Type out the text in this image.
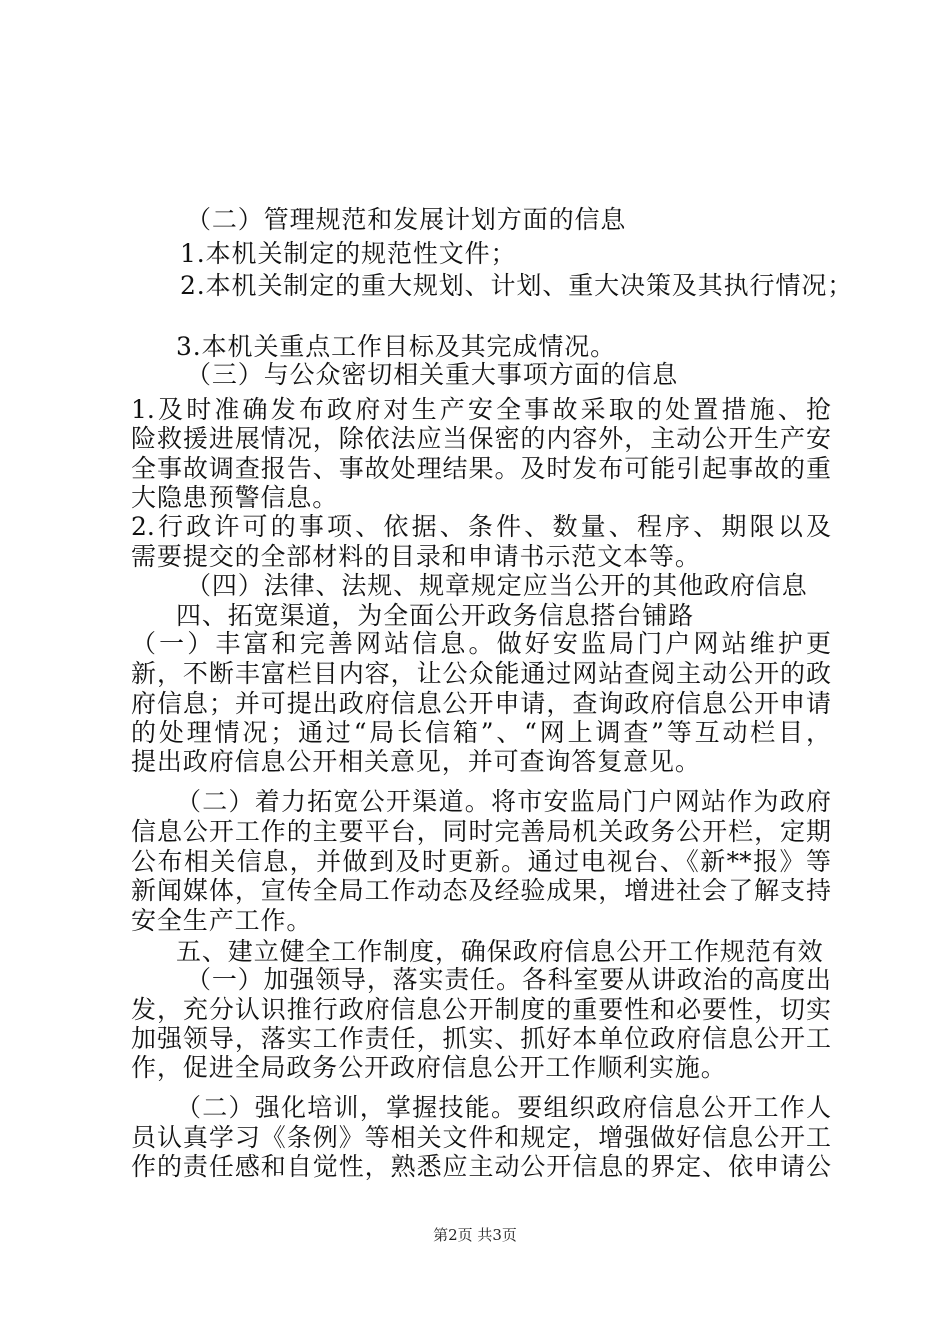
（二）管理规范和发展计划方面的信息
1.本机关制定的规范性文件；
2.本机关制定的重大规划、计划、重大决策及其执行情况；
3.本机关重点工作目标及其完成情况。
（三）与公众密切相关重大事项方面的信息
1.及时准确发布政府对生产安全事故采取的处置措施、抢
险救援进展情况，除依法应当保密的内容外，主动公开生产安
全事故调查报告、事故处理结果。及时发布可能引起事故的重
大隐患预警信息。
2.行政许可的事项、依据、条件、数量、程序、期限以及
需要提交的全部材料的目录和申请书示范文本等。
（四）法律、法规、规章规定应当公开的其他政府信息
四、拓宽渠道，为全面公开政务信息搭台铺路
（一）丰富和完善网站信息。做好安监局门户网站维护更
新，不断丰富栏目内容，让公众能通过网站查阅主动公开的政
府信息；并可提出政府信息公开申请，查询政府信息公开申请
的处理情况；通过“局长信箱”、“网上调查”等互动栏目，
提出政府信息公开相关意见，并可查询答复意见。
（二）着力拓宽公开渠道。将市安监局门户网站作为政府
信息公开工作的主要平台，同时完善局机关政务公开栏，定期
公布相关信息，并做到及时更新。通过电视台、《新**报》等
新闻媒体，宣传全局工作动态及经验成果，增进社会了解支持
安全生产工作。
五、建立健全工作制度，确保政府信息公开工作规范有效
（一）加强领导，落实责任。各科室要从讲政治的高度出
发，充分认识推行政府信息公开制度的重要性和必要性，切实
加强领导，落实工作责任，抓实、抓好本单位政府信息公开工
作，促进全局政务公开政府信息公开工作顺利实施。
（二）强化培训，掌握技能。要组织政府信息公开工作人
员认真学习《条例》等相关文件和规定，增强做好信息公开工
作的责任感和自觉性，熟悉应主动公开信息的界定、依申请公
第2页 共3页
